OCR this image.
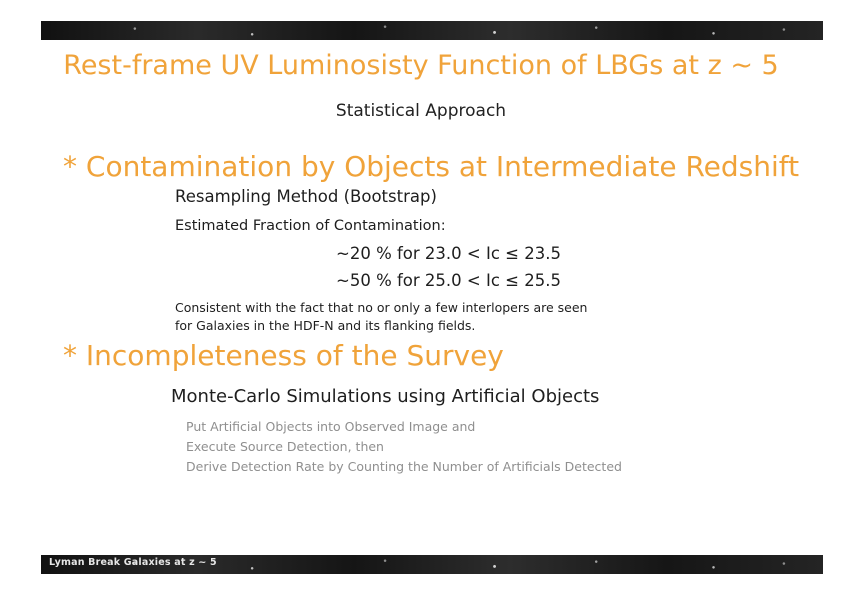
Rest-frame UV Luminosisty Function of LBGs at z ~ 5
Statistical Approach
* Contamination by Objects at Intermediate Redshift
Resampling Method (Bootstrap)
Estimated Fraction of Contamination:
~20 % for 23.0 < Ic ≤ 23.5
~50 % for 25.0 < Ic ≤ 25.5
Consistent with the fact that no or only a few interlopers are seen
for Galaxies in the HDF-N and its flanking fields.
* Incompleteness of the Survey
Monte-Carlo Simulations using Artificial Objects
Put Artificial Objects into Observed Image and
Execute Source Detection, then
Derive Detection Rate by Counting the Number of Artificials Detected
Lyman Break Galaxies at z ~ 5
